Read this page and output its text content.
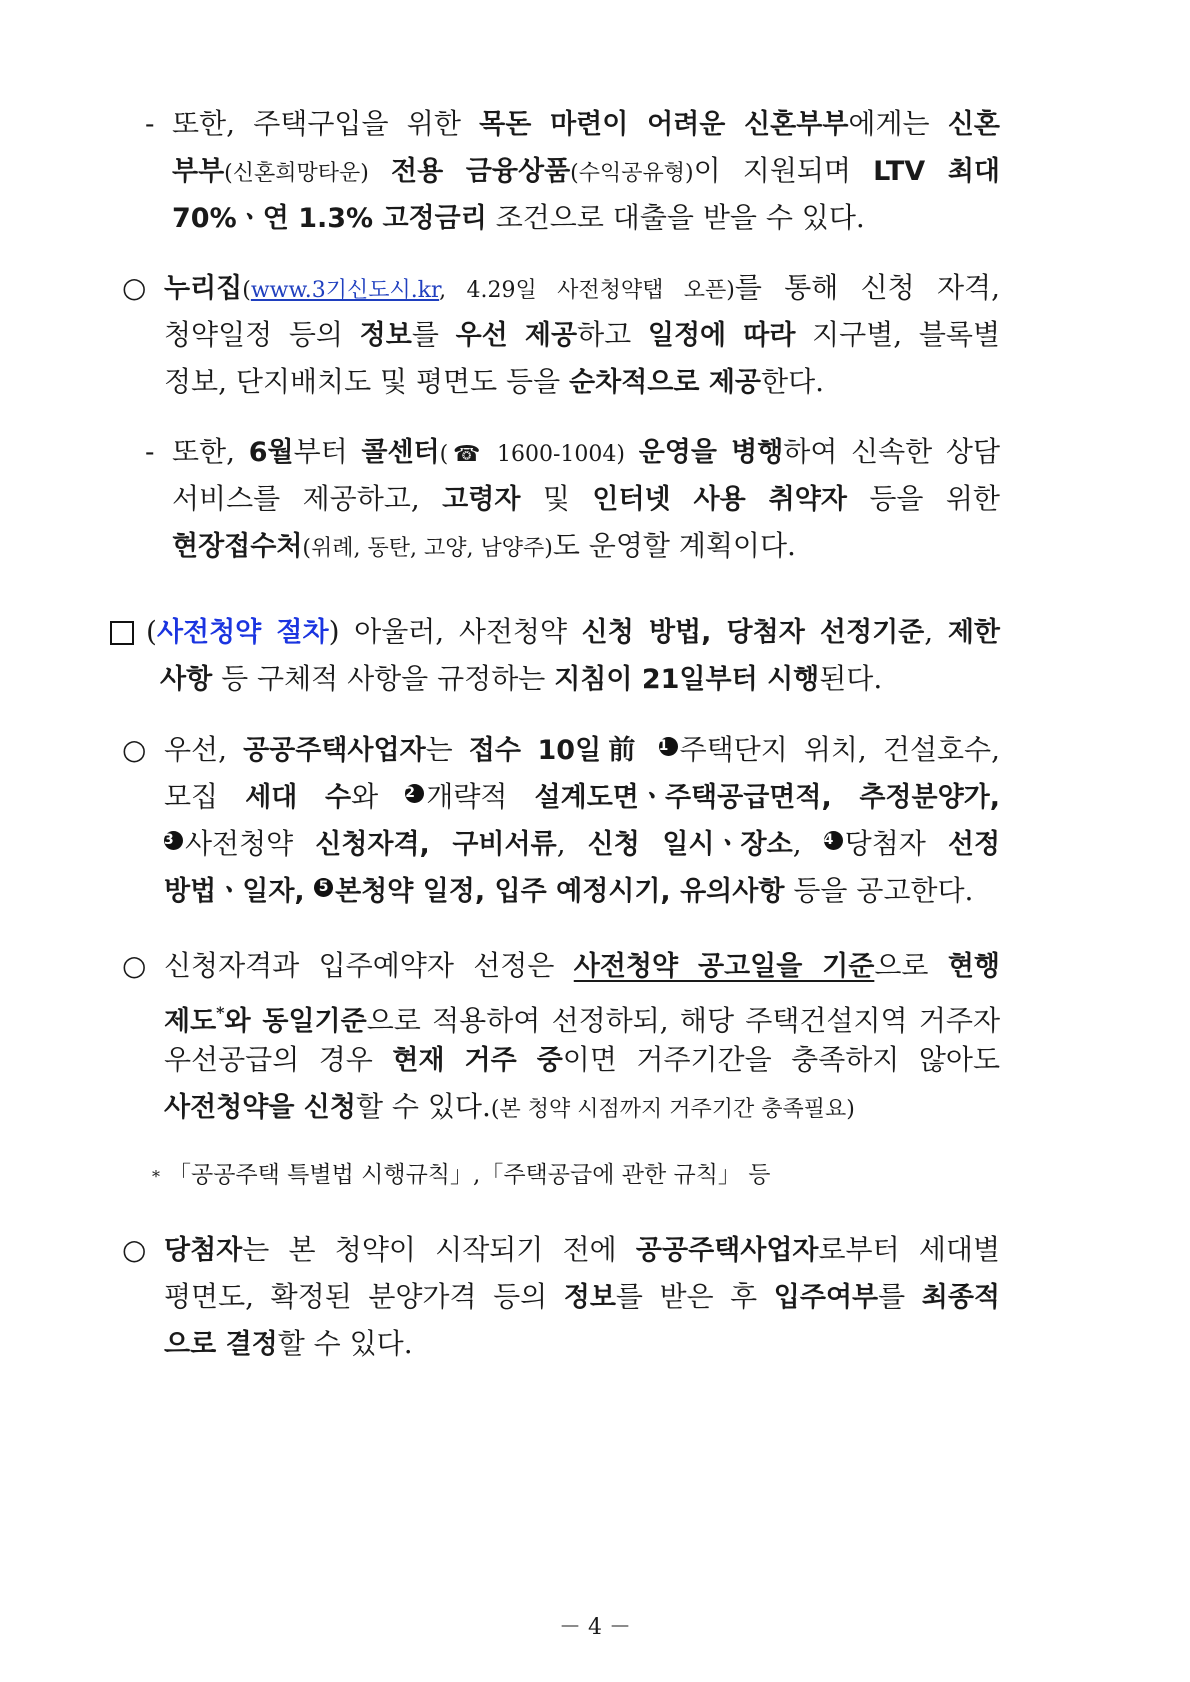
- 또한, 주택구입을 위한 목돈 마련이 어려운 신혼부부에게는 신혼
부부(신혼희망타운) 전용 금융상품(수익공유형)이 지원되며 LTV 최대
70%ㆍ연 1.3% 고정금리 조건으로 대출을 받을 수 있다.
○ 누리집(www.3기신도시.kr, 4.29일 사전청약탭 오픈)를 통해 신청 자격,
청약일정 등의 정보를 우선 제공하고 일정에 따라 지구별, 블록별
정보, 단지배치도 및 평면도 등을 순차적으로 제공한다.
- 또한, 6월부터 콜센터(☎ 1600-1004) 운영을 병행하여 신속한 상담
서비스를 제공하고, 고령자 및 인터넷 사용 취약자 등을 위한
현장접수처(위례, 동탄, 고양, 남양주)도 운영할 계획이다.
(사전청약 절차) 아울러, 사전청약 신청 방법, 당첨자 선정기준, 제한
사항 등 구체적 사항을 규정하는 지침이 21일부터 시행된다.
○ 우선, 공공주택사업자는 접수 10일前 1 주택단지 위치, 건설호수,
모집 세대 수와 2 개략적 설계도면ㆍ주택공급면적, 추정분양가,
3 사전청약 신청자격, 구비서류, 신청 일시ㆍ장소, 4 당첨자 선정
방법ㆍ일자, 5 본청약 일정, 입주 예정시기, 유의사항 등을 공고한다.
○ 신청자격과 입주예약자 선정은 사전청약 공고일을 기준으로 현행
제도*와 동일기준으로 적용하여 선정하되, 해당 주택건설지역 거주자
우선공급의 경우 현재 거주 중이면 거주기간을 충족하지 않아도
사전청약을 신청할 수 있다.(본 청약 시점까지 거주기간 충족필요)
* 「공공주택 특별법 시행규칙」,「주택공급에 관한 규칙」 등
○ 당첨자는 본 청약이 시작되기 전에 공공주택사업자로부터 세대별
평면도, 확정된 분양가격 등의 정보를 받은 후 입주여부를 최종적
으로 결정할 수 있다.
－ 4 －
